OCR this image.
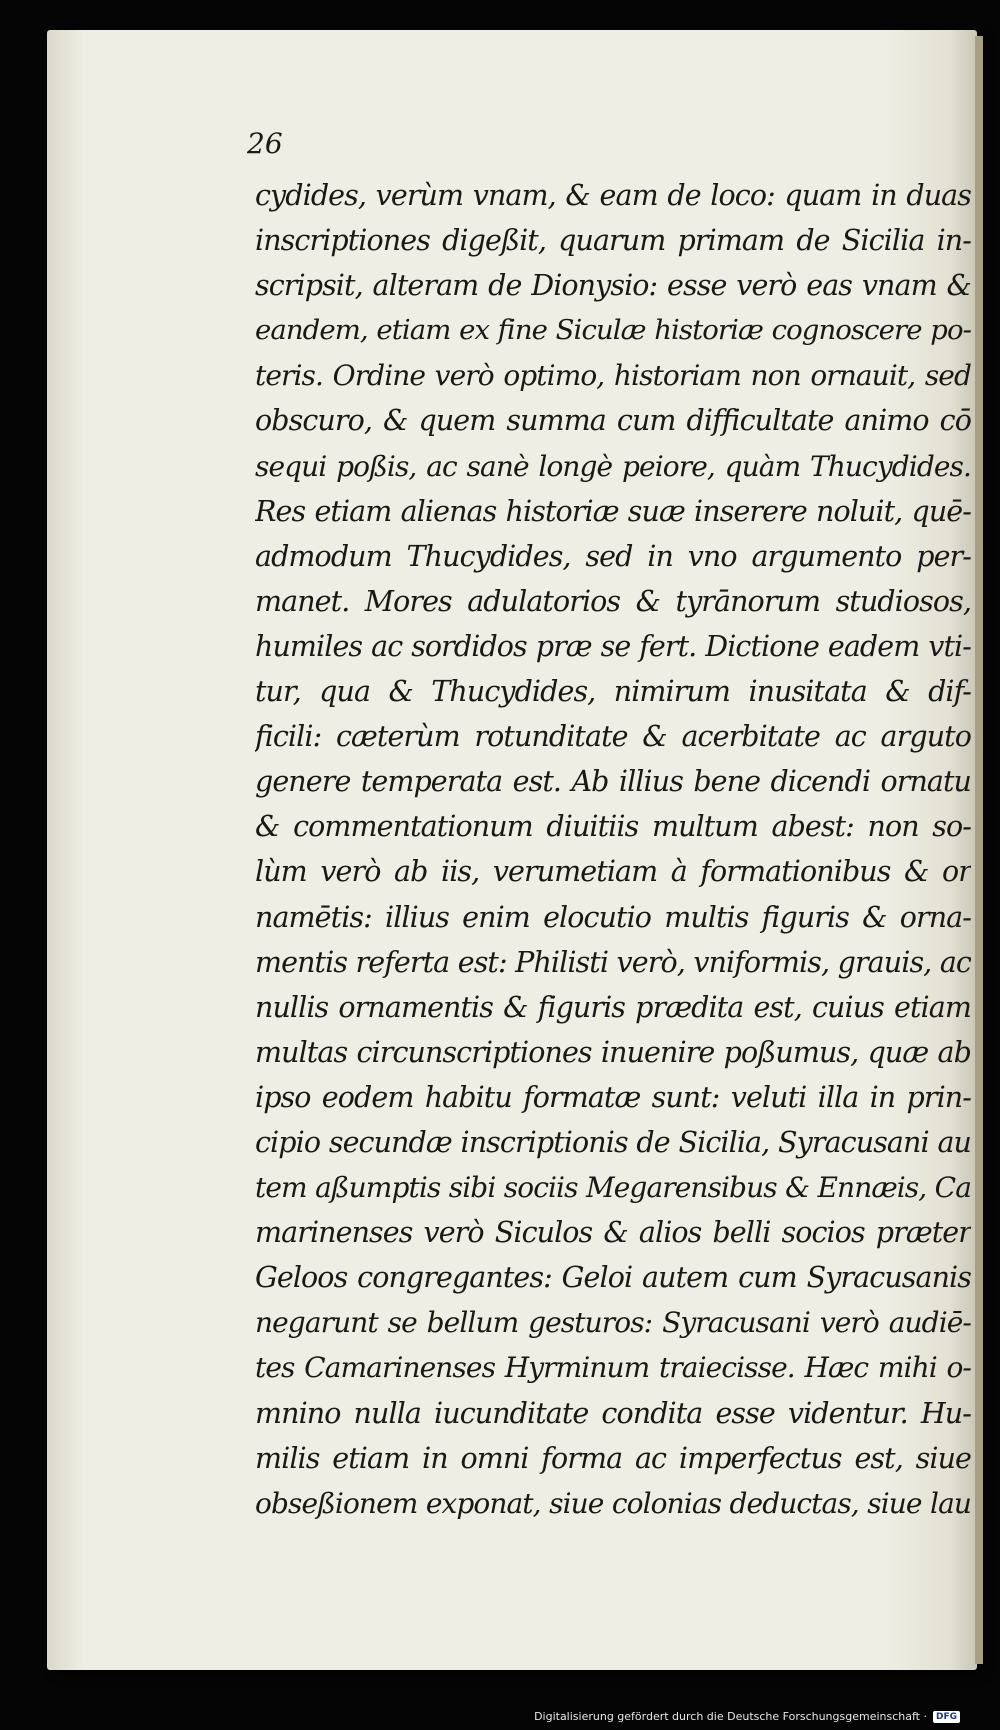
26
cydides, verùm vnam, & eam de loco: quam in duas
inscriptiones digeßit, quarum primam de Sicilia in-
scripsit, alteram de Dionysio: esse verò eas vnam &
eandem, etiam ex fine Siculæ historiæ cognoscere po-
teris. Ordine verò optimo, historiam non ornauit, sed
obscuro, & quem summa cum difficultate animo cō
sequi poßis, ac sanè longè peiore, quàm Thucydides.
Res etiam alienas historiæ suæ inserere noluit, quē-
admodum Thucydides, sed in vno argumento per-
manet. Mores adulatorios & tyrānorum studiosos,
humiles ac sordidos præ se fert. Dictione eadem vti-
tur, qua & Thucydides, nimirum inusitata & dif-
ficili: cæterùm rotunditate & acerbitate ac arguto
genere temperata est. Ab illius bene dicendi ornatu
& commentationum diuitiis multum abest: non so-
lùm verò ab iis, verumetiam à formationibus & or
namētis: illius enim elocutio multis figuris & orna-
mentis referta est: Philisti verò, vniformis, grauis, ac
nullis ornamentis & figuris prædita est, cuius etiam
multas circunscriptiones inuenire poßumus, quæ ab
ipso eodem habitu formatæ sunt: veluti illa in prin-
cipio secundæ inscriptionis de Sicilia, Syracusani au
tem aßumptis sibi sociis Megarensibus & Ennæis, Ca
marinenses verò Siculos & alios belli socios præter
Geloos congregantes: Geloi autem cum Syracusanis
negarunt se bellum gesturos: Syracusani verò audiē-
tes Camarinenses Hyrminum traiecisse. Hæc mihi o-
mnino nulla iucunditate condita esse videntur. Hu-
milis etiam in omni forma ac imperfectus est, siue
obseßionem exponat, siue colonias deductas, siue lau
Digitalisierung gefördert durch die Deutsche Forschungsgemeinschaft ·	DFG
